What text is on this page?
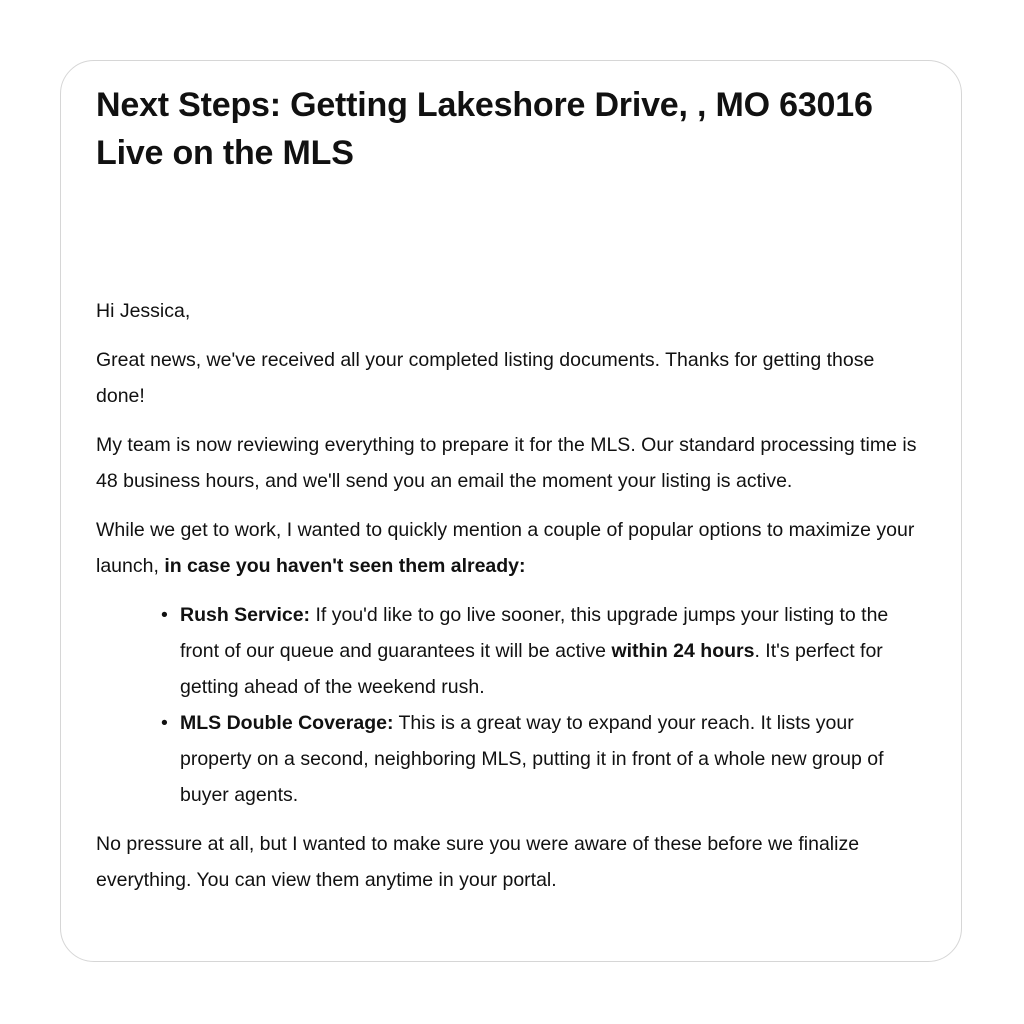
Next Steps: Getting Lakeshore Drive, , MO 63016 Live on the MLS

Hi Jessica,

Great news, we've received all your completed listing documents. Thanks for getting those done!

My team is now reviewing everything to prepare it for the MLS. Our standard processing time is 48 business hours, and we'll send you an email the moment your listing is active.

While we get to work, I wanted to quickly mention a couple of popular options to maximize your launch, in case you haven't seen them already:

• Rush Service: If you'd like to go live sooner, this upgrade jumps your listing to the front of our queue and guarantees it will be active within 24 hours. It's perfect for getting ahead of the weekend rush.
• MLS Double Coverage: This is a great way to expand your reach. It lists your property on a second, neighboring MLS, putting it in front of a whole new group of buyer agents.

No pressure at all, but I wanted to make sure you were aware of these before we finalize everything. You can view them anytime in your portal.
